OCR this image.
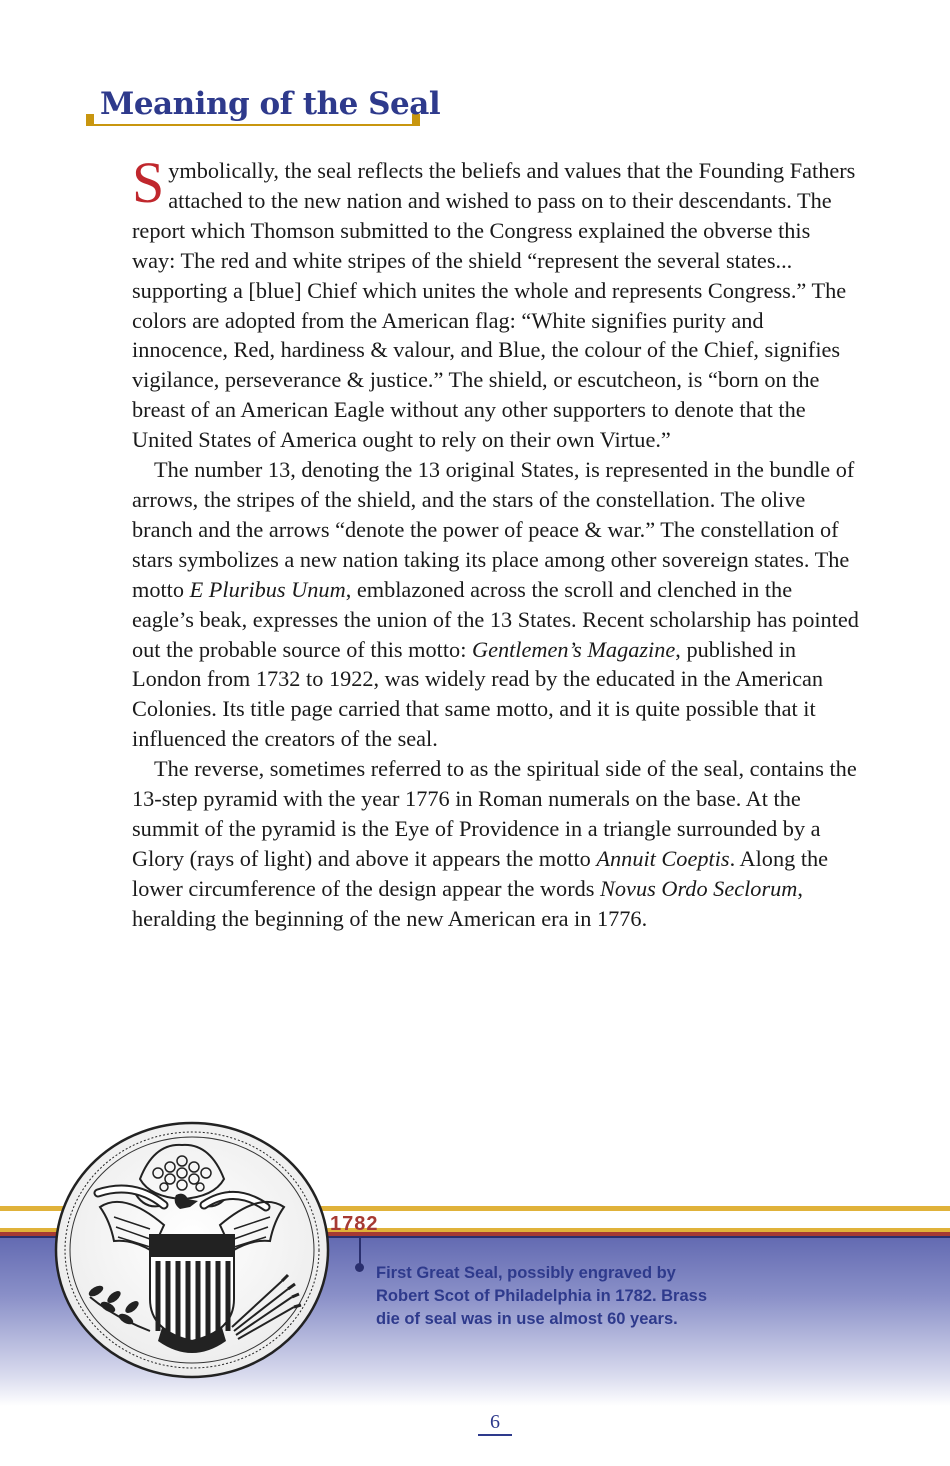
Meaning of the Seal

Symbolically, the seal reflects the beliefs and values that the Founding Fathers attached to the new nation and wished to pass on to their descendants. The report which Thomson submitted to the Congress explained the obverse this way: The red and white stripes of the shield “represent the several states... supporting a [blue] Chief which unites the whole and represents Congress.” The colors are adopted from the American flag: “White signifies purity and innocence, Red, hardiness & valour, and Blue, the colour of the Chief, signifies vigilance, perseverance & justice.” The shield, or escutcheon, is “born on the breast of an American Eagle without any other supporters to denote that the United States of America ought to rely on their own Virtue.”

The number 13, denoting the 13 original States, is represented in the bundle of arrows, the stripes of the shield, and the stars of the constellation. The olive branch and the arrows “denote the power of peace & war.” The constellation of stars symbolizes a new nation taking its place among other sovereign states. The motto E Pluribus Unum, emblazoned across the scroll and clenched in the eagle’s beak, expresses the union of the 13 States. Recent scholarship has pointed out the probable source of this motto: Gentlemen’s Magazine, published in London from 1732 to 1922, was widely read by the educated in the American Colonies. Its title page carried that same motto, and it is quite possible that it influenced the creators of the seal.

The reverse, sometimes referred to as the spiritual side of the seal, contains the 13-step pyramid with the year 1776 in Roman numerals on the base. At the summit of the pyramid is the Eye of Providence in a triangle surrounded by a Glory (rays of light) and above it appears the motto Annuit Coeptis. Along the lower circumference of the design appear the words Novus Ordo Seclorum, heralding the beginning of the new American era in 1776.

1782
First Great Seal, possibly engraved by Robert Scot of Philadelphia in 1782. Brass die of seal was in use almost 60 years.
6
